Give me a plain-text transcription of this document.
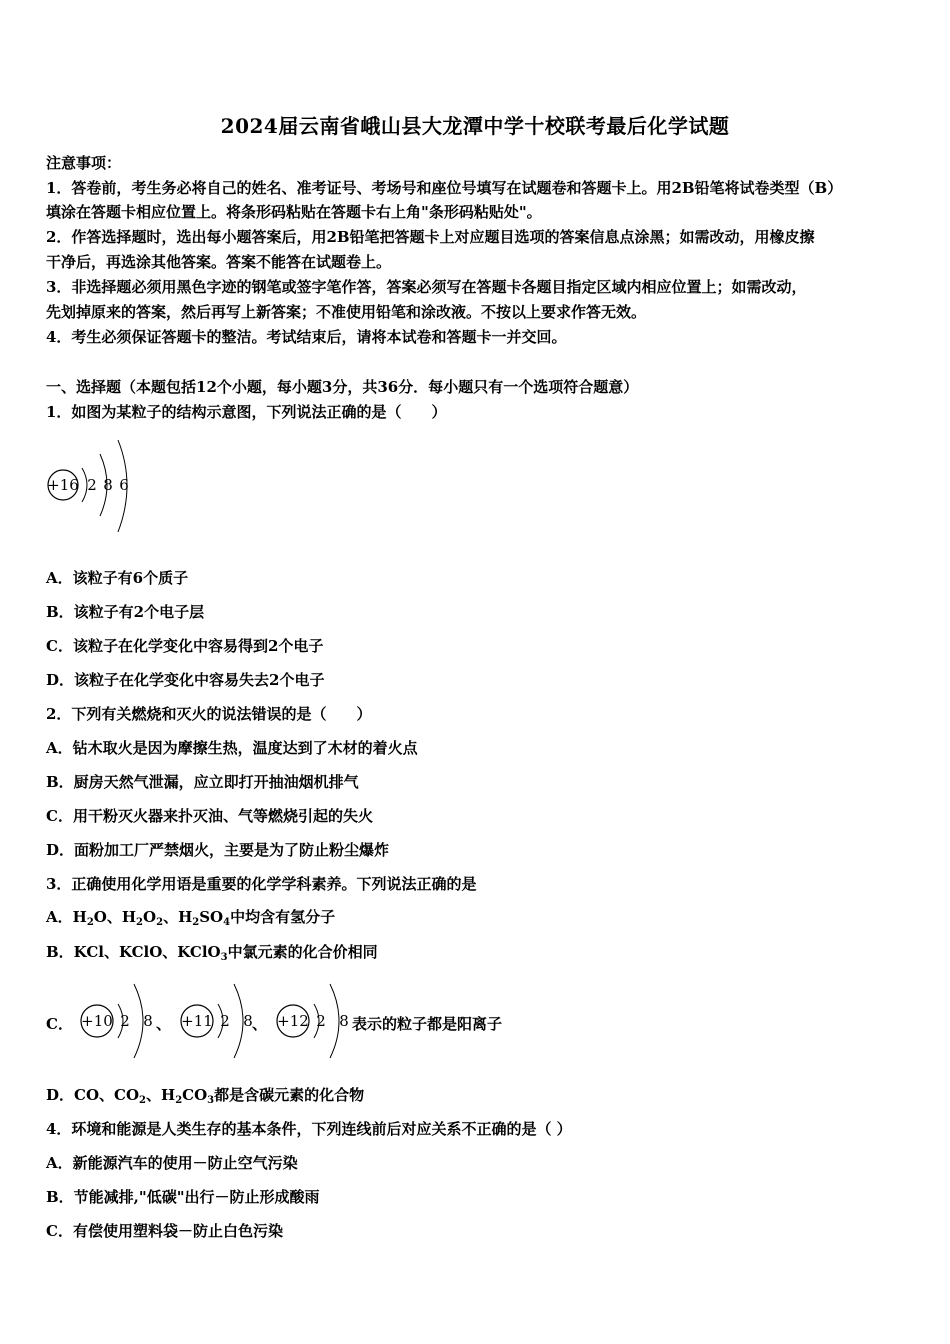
2024届云南省峨山县大龙潭中学十校联考最后化学试题
注意事项：
1．答卷前，考生务必将自己的姓名、准考证号、考场号和座位号填写在试题卷和答题卡上。用2B铅笔将试卷类型（B）
填涂在答题卡相应位置上。将条形码粘贴在答题卡右上角"条形码粘贴处"。
2．作答选择题时，选出每小题答案后，用2B铅笔把答题卡上对应题目选项的答案信息点涂黑；如需改动，用橡皮擦
干净后，再选涂其他答案。答案不能答在试题卷上。
3．非选择题必须用黑色字迹的钢笔或签字笔作答，答案必须写在答题卡各题目指定区域内相应位置上；如需改动，
先划掉原来的答案，然后再写上新答案；不准使用铅笔和涂改液。不按以上要求作答无效。
4．考生必须保证答题卡的整洁。考试结束后，请将本试卷和答题卡一并交回。
一、选择题（本题包括12个小题，每小题3分，共36分．每小题只有一个选项符合题意）
1．如图为某粒子的结构示意图，下列说法正确的是（　　）
+16 2 8 6
A．该粒子有6个质子
B．该粒子有2个电子层
C．该粒子在化学变化中容易得到2个电子
D．该粒子在化学变化中容易失去2个电子
2．下列有关燃烧和灭火的说法错误的是（　　）
A．钻木取火是因为摩擦生热，温度达到了木材的着火点
B．厨房天然气泄漏，应立即打开抽油烟机排气
C．用干粉灭火器来扑灭油、气等燃烧引起的失火
D．面粉加工厂严禁烟火，主要是为了防止粉尘爆炸
3．正确使用化学用语是重要的化学学科素养。下列说法正确的是
A．$H_2O$、$H_2O_2$、$H_2SO_4$中均含有氢分子
B．KCl、KClO、KClO$_3$中氯元素的化合价相同
C． +10 2 8 、 +11 2 8 、 +12 2 8 表示的粒子都是阳离子
D．CO、$CO_2$、$H_2CO_3$都是含碳元素的化合物
4．环境和能源是人类生存的基本条件，下列连线前后对应关系不正确的是（ ）
A．新能源汽车的使用－防止空气污染
B．节能减排,"低碳"出行－防止形成酸雨
C．有偿使用塑料袋－防止白色污染
